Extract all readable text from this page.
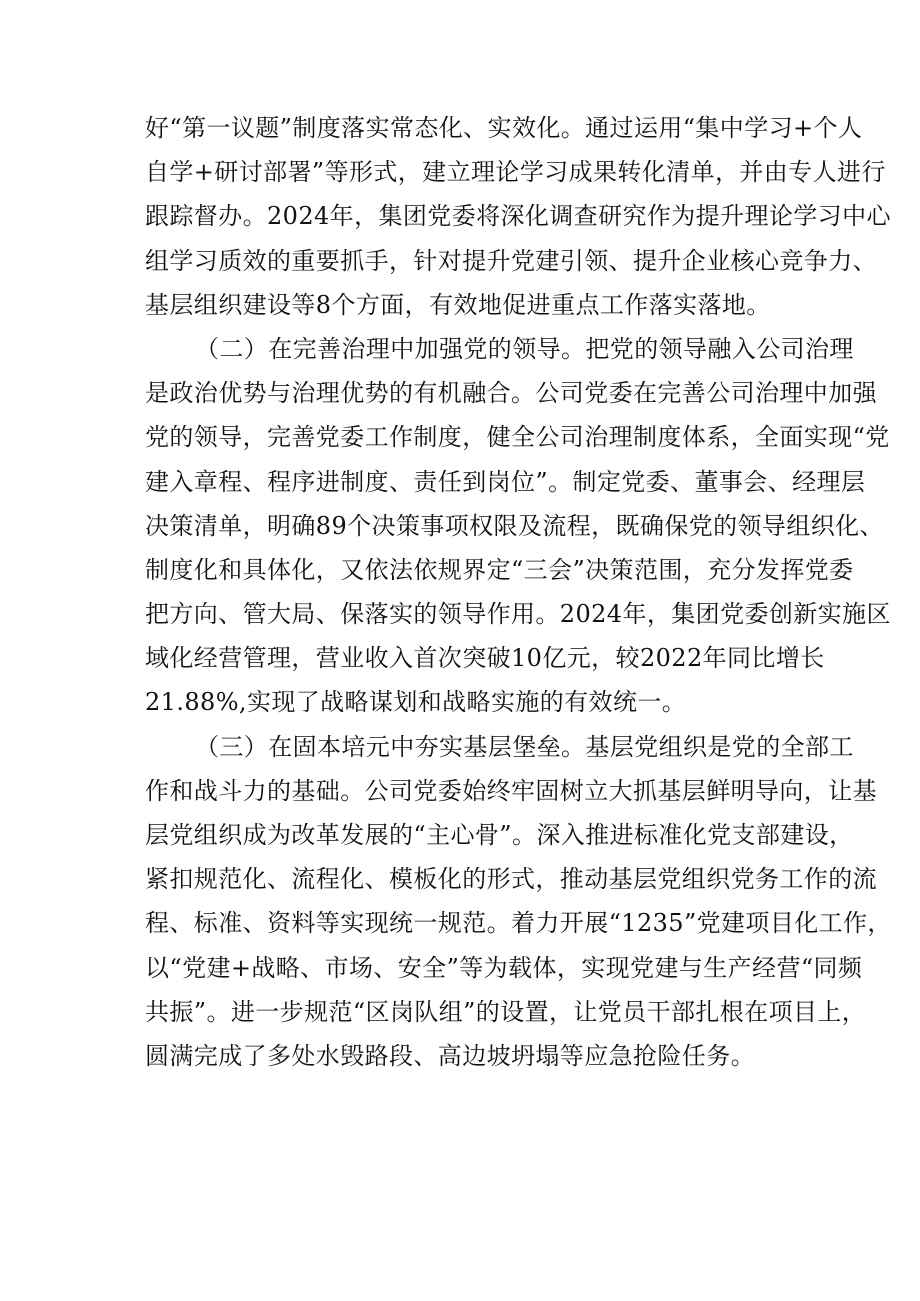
好“第一议题”制度落实常态化、实效化。通过运用“集中学习+个人
自学+研讨部署”等形式，建立理论学习成果转化清单，并由专人进行
跟踪督办。2024年，集团党委将深化调查研究作为提升理论学习中心
组学习质效的重要抓手，针对提升党建引领、提升企业核心竞争力、
基层组织建设等8个方面，有效地促进重点工作落实落地。
（二）在完善治理中加强党的领导。把党的领导融入公司治理
是政治优势与治理优势的有机融合。公司党委在完善公司治理中加强
党的领导，完善党委工作制度，健全公司治理制度体系，全面实现“党
建入章程、程序进制度、责任到岗位”。制定党委、董事会、经理层
决策清单，明确89个决策事项权限及流程，既确保党的领导组织化、
制度化和具体化，又依法依规界定“三会”决策范围，充分发挥党委
把方向、管大局、保落实的领导作用。2024年，集团党委创新实施区
域化经营管理，营业收入首次突破10亿元，较2022年同比增长
21.88%,实现了战略谋划和战略实施的有效统一。
（三）在固本培元中夯实基层堡垒。基层党组织是党的全部工
作和战斗力的基础。公司党委始终牢固树立大抓基层鲜明导向，让基
层党组织成为改革发展的“主心骨”。深入推进标准化党支部建设，
紧扣规范化、流程化、模板化的形式，推动基层党组织党务工作的流
程、标准、资料等实现统一规范。着力开展“1235”党建项目化工作，
以“党建+战略、市场、安全”等为载体，实现党建与生产经营“同频
共振”。进一步规范“区岗队组”的设置，让党员干部扎根在项目上，
圆满完成了多处水毁路段、高边坡坍塌等应急抢险任务。
